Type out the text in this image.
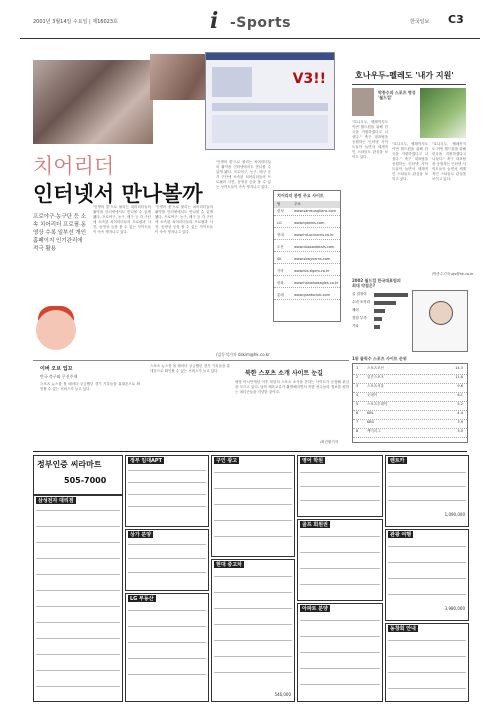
2001년 3월14일 수요일 | 제16023호	i -Sports	한국일보 C3
V3!!
치어리더
인터넷서 만나볼까
프로야구·농구단 등 소속 치어리더 프로필·동영상 수록 일부선 개인 홈페이지 인기관리에 적극 활용
'인생의 꽃'으로 불리는 치어리더들의 활약을 인터넷에서도 만나볼 수 있게 됐다. 프로야구, 농구, 배구 등 각 구단에 소속된 치어리더들의 프로필과 사진, 동영상 등을 볼 수 있는 사이트들이 속속 생겨나고 있다.
'인생의 꽃'으로 불리는 치어리더들의 활약을 인터넷에서도 만나볼 수 있게 됐다. 프로야구, 농구, 배구 등 각 구단에 소속된 치어리더들의 프로필과 사진, 동영상 등을 볼 수 있는 사이트들이 속속 생겨나고 있다.
'인생의 꽃'으로 불리는 치어리더들의 활약을 인터넷에서도 만나볼 수 있게 됐다. 프로야구, 농구, 배구 등 각 구단에 소속된 치어리더들의 프로필과 사진, 동영상 등을 볼 수 있는 사이트들이 속속 생겨나고 있다.
/김동석기자 dskim@hk.co.kr
치어리더 관련 주요 사이트
팀	주소
삼성	www.samsunglions.com
LG	www.lgtwins.com
현대	www.hd-unicorns.co.kr
두산	www.doosanbears.com
SK	www.skwyverns.com
기아	www.kia-tigers.co.kr
한화	www.hanwhaeagles.co.kr
롯데	www.giantsclub.com
호나우두-펠레도 '내가 지원'
박종수의 스포츠 명성 '월드컵'
"호나우두, 펠레까지도 이번 월드컵을 위해 한국을 지원하겠다고 나섰다." 축구 대표팀을 응원하는 인터넷 사이트들이 늘면서 세계적인 스타들도 관심을 보이고 있다.
"호나우두, 펠레까지도 이번 월드컵을 위해 한국을 지원하겠다고 나섰다." 축구 대표팀을 응원하는 인터넷 사이트들이 늘면서 세계적인 스타들도 관심을 보이고 있다.
"호나우두, 펠레까지도 이번 월드컵을 위해 한국을 지원하겠다고 나섰다." 축구 대표팀을 응원하는 인터넷 사이트들이 늘면서 세계적인 스타들도 관심을 보이고 있다.
/박종수기자 pjs@hk.co.kr
2002 월드컵 한국대표팀의 최대 약점은?
골 결정력
수비 조직력
체력
경험 부족
기타
1위 클릭수 스포츠 사이트 순위
1	스포츠조선	14.3
2	일간스포츠	11.8
3	스포츠서울	9.6
4	굿데이	6.1
5	스포츠투데이	5.2
6	KBL	4.4
7	KBO	3.9
8	케이리그	3.0
이버 오브 업꼬
반국 축구와 무선주제
스포츠 뉴스를 볼 때마다 궁금했던 경기 기록들을 휴대폰으로 확인할 수 있는 서비스가 늘고 있다.
스포츠 뉴스를 볼 때마다 궁금했던 경기 기록들을 휴대폰으로 확인할 수 있는 서비스가 늘고 있다.	북한 스포츠 소개 사이트 눈길
평양 아시안게임 이후 북한의 스포츠 소식을 전하는 사이트가 등장해 관심을 모으고 있다. 남북 체육교류가 활발해지면서 북한 선수들의 정보를 원하는 네티즌들을 겨냥한 것이다.
/최진환기자
정부인증 씨라마트
505-7000
삼성전자 대리점
정부 임대APT
상가 분양
LG 부동산
구인 광고
현대 중고차
546,000
영어 학원
골프 회원권
아파트 분양
렌트카
1,090,000
관광 여행
3,980,000
동창회 안내
